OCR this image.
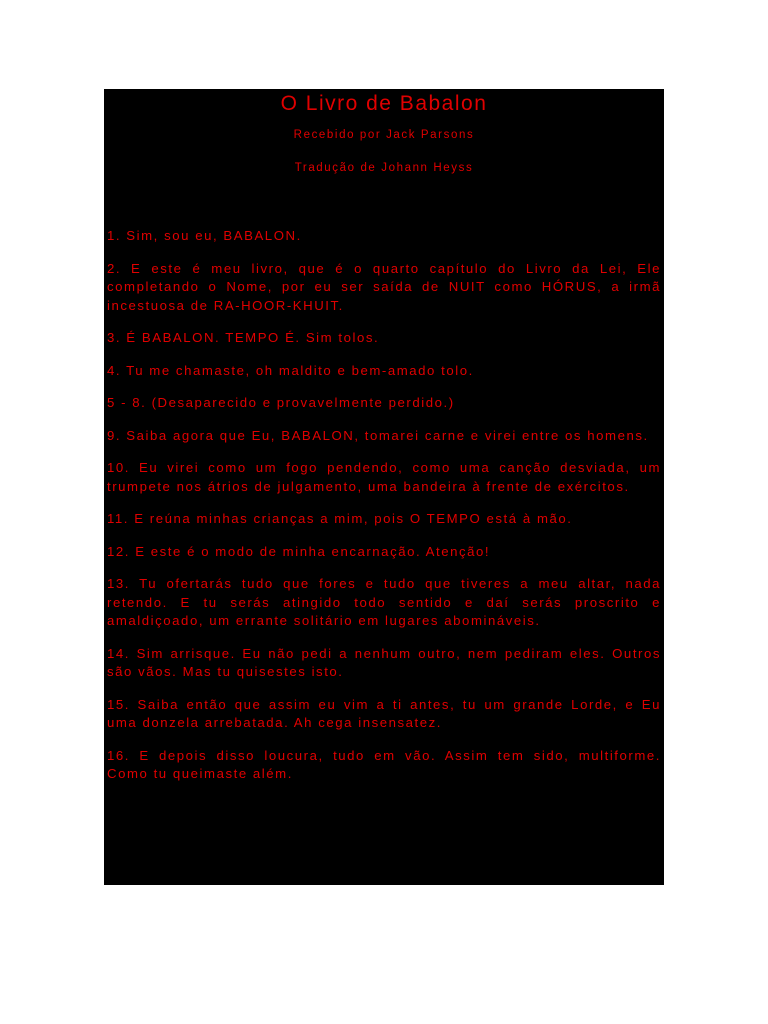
O Livro de Babalon
Recebido por Jack Parsons
Tradução de Johann Heyss

1. Sim, sou eu, BABALON.

2. E este é meu livro, que é o quarto capítulo do Livro da Lei, Ele completando o Nome, por eu ser saída de NUIT como HÓRUS, a irmã incestuosa de RA-HOOR-KHUIT.

3. É BABALON. TEMPO É. Sim tolos.

4. Tu me chamaste, oh maldito e bem-amado tolo.

5 - 8. (Desaparecido e provavelmente perdido.)

9. Saiba agora que Eu, BABALON, tomarei carne e virei entre os homens.

10. Eu virei como um fogo pendendo, como uma canção desviada, um trumpete nos átrios de julgamento, uma bandeira à frente de exércitos.

11. E reúna minhas crianças a mim, pois O TEMPO está à mão.

12. E este é o modo de minha encarnação. Atenção!

13. Tu ofertarás tudo que fores e tudo que tiveres a meu altar, nada retendo. E tu serás atingido todo sentido e daí serás proscrito e amaldiçoado, um errante solitário em lugares abomináveis.

14. Sim arrisque. Eu não pedi a nenhum outro, nem pediram eles. Outros são vãos. Mas tu quisestes isto.

15. Saiba então que assim eu vim a ti antes, tu um grande Lorde, e Eu uma donzela arrebatada. Ah cega insensatez.

16. E depois disso loucura, tudo em vão. Assim tem sido, multiforme. Como tu queimaste além.
